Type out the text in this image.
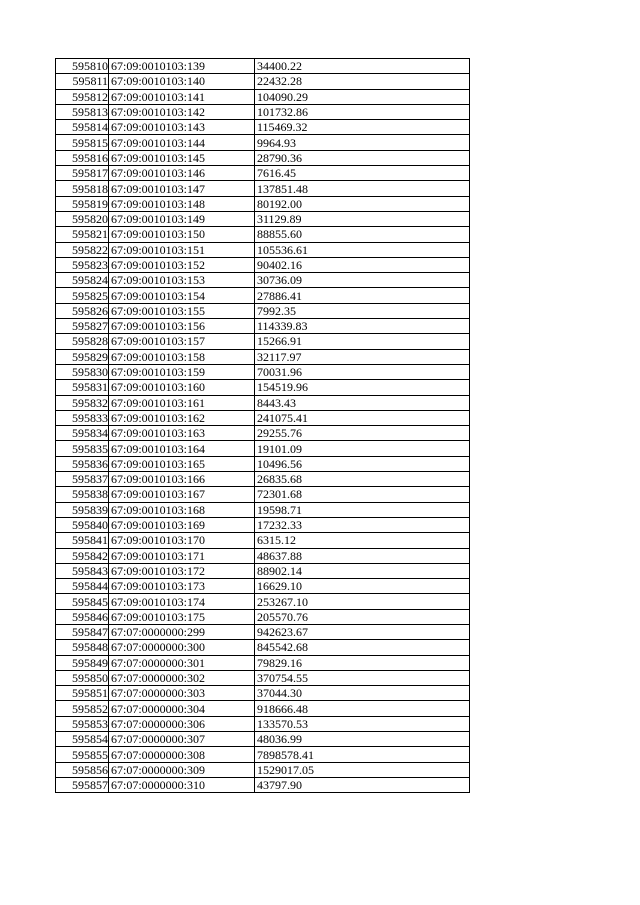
595810	67:09:0010103:139	34400.22
595811	67:09:0010103:140	22432.28
595812	67:09:0010103:141	104090.29
595813	67:09:0010103:142	101732.86
595814	67:09:0010103:143	115469.32
595815	67:09:0010103:144	9964.93
595816	67:09:0010103:145	28790.36
595817	67:09:0010103:146	7616.45
595818	67:09:0010103:147	137851.48
595819	67:09:0010103:148	80192.00
595820	67:09:0010103:149	31129.89
595821	67:09:0010103:150	88855.60
595822	67:09:0010103:151	105536.61
595823	67:09:0010103:152	90402.16
595824	67:09:0010103:153	30736.09
595825	67:09:0010103:154	27886.41
595826	67:09:0010103:155	7992.35
595827	67:09:0010103:156	114339.83
595828	67:09:0010103:157	15266.91
595829	67:09:0010103:158	32117.97
595830	67:09:0010103:159	70031.96
595831	67:09:0010103:160	154519.96
595832	67:09:0010103:161	8443.43
595833	67:09:0010103:162	241075.41
595834	67:09:0010103:163	29255.76
595835	67:09:0010103:164	19101.09
595836	67:09:0010103:165	10496.56
595837	67:09:0010103:166	26835.68
595838	67:09:0010103:167	72301.68
595839	67:09:0010103:168	19598.71
595840	67:09:0010103:169	17232.33
595841	67:09:0010103:170	6315.12
595842	67:09:0010103:171	48637.88
595843	67:09:0010103:172	88902.14
595844	67:09:0010103:173	16629.10
595845	67:09:0010103:174	253267.10
595846	67:09:0010103:175	205570.76
595847	67:07:0000000:299	942623.67
595848	67:07:0000000:300	845542.68
595849	67:07:0000000:301	79829.16
595850	67:07:0000000:302	370754.55
595851	67:07:0000000:303	37044.30
595852	67:07:0000000:304	918666.48
595853	67:07:0000000:306	133570.53
595854	67:07:0000000:307	48036.99
595855	67:07:0000000:308	7898578.41
595856	67:07:0000000:309	1529017.05
595857	67:07:0000000:310	43797.90
